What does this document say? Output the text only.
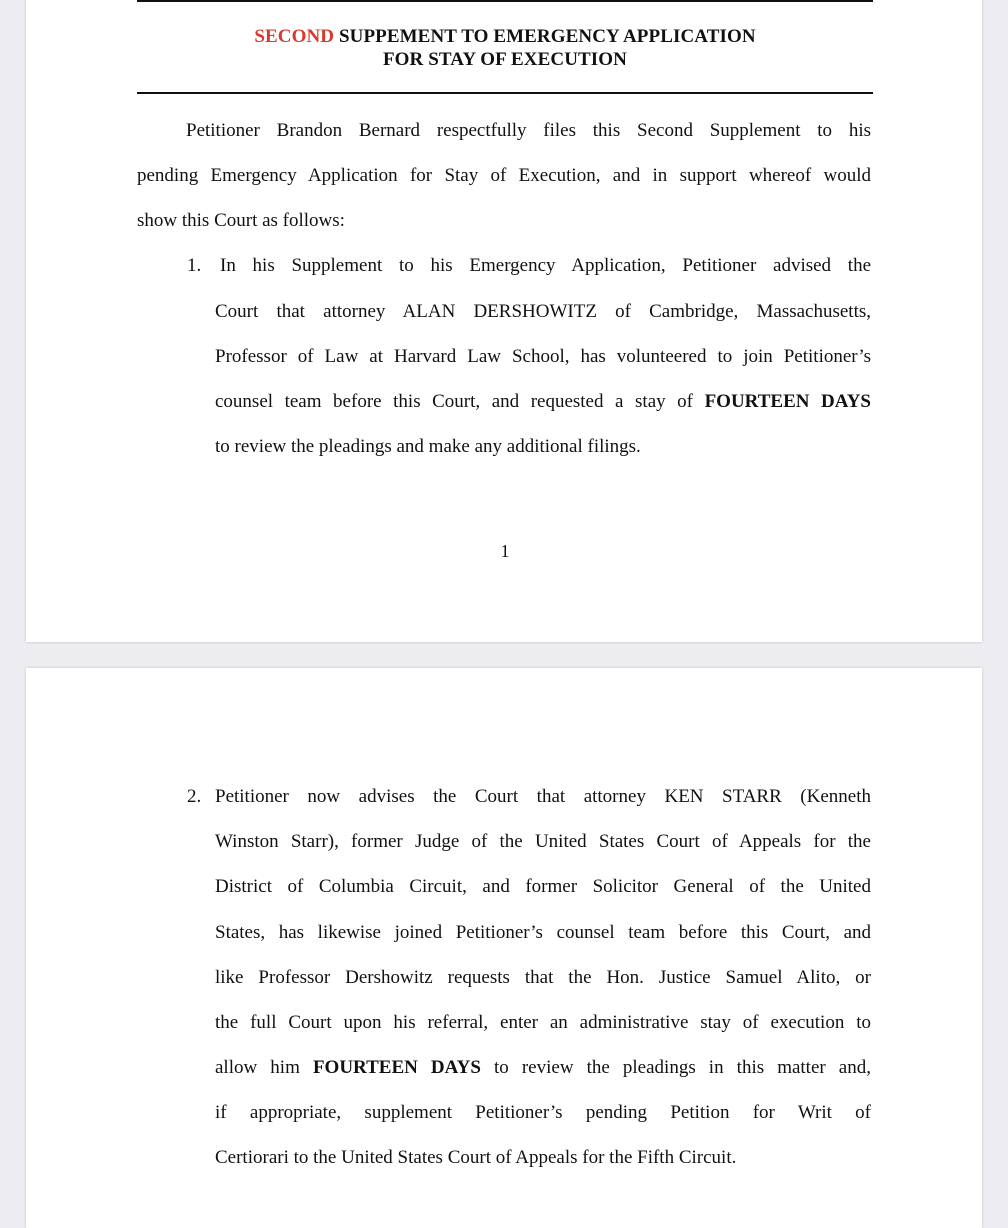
SECOND SUPPEMENT TO EMERGENCY APPLICATION
FOR STAY OF EXECUTION
Petitioner Brandon Bernard respectfully files this Second Supplement to his
pending Emergency Application for Stay of Execution, and in support whereof would
show this Court as follows:
1. In his Supplement to his Emergency Application, Petitioner advised the
Court that attorney ALAN DERSHOWITZ of Cambridge, Massachusetts,
Professor of Law at Harvard Law School, has volunteered to join Petitioner’s
counsel team before this Court, and requested a stay of FOURTEEN DAYS
to review the pleadings and make any additional filings.
1
2. Petitioner now advises the Court that attorney KEN STARR (Kenneth
Winston Starr), former Judge of the United States Court of Appeals for the
District of Columbia Circuit, and former Solicitor General of the United
States, has likewise joined Petitioner’s counsel team before this Court, and
like Professor Dershowitz requests that the Hon. Justice Samuel Alito, or
the full Court upon his referral, enter an administrative stay of execution to
allow him FOURTEEN DAYS to review the pleadings in this matter and,
if appropriate, supplement Petitioner’s pending Petition for Writ of
Certiorari to the United States Court of Appeals for the Fifth Circuit.
